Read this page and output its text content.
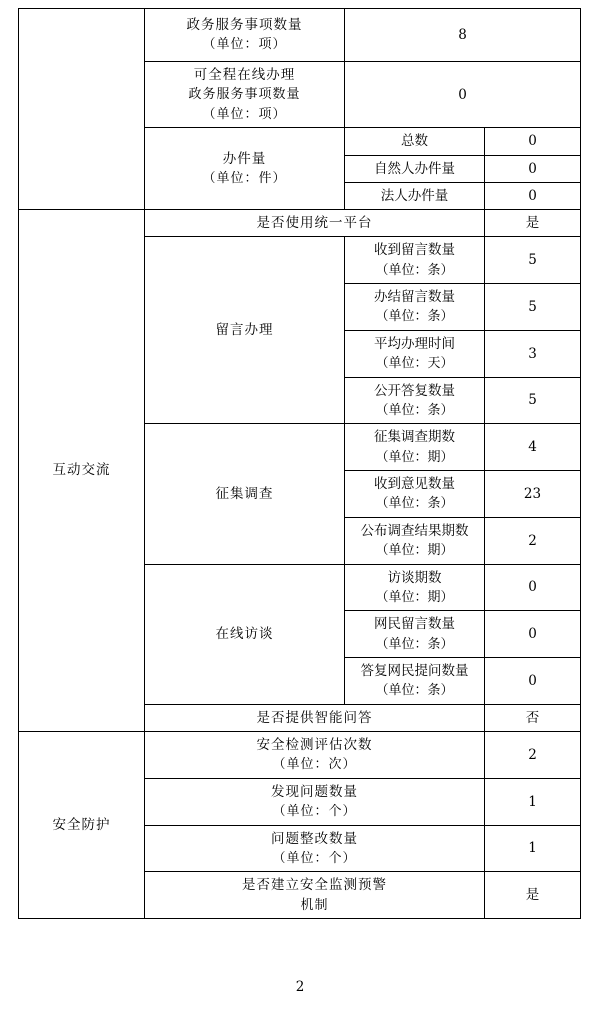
	政务服务事项数量
（单位：项）	8	
	可全程在线办理
政务服务事项数量
（单位：项）	0	
	办件量
（单位：件）	总数	0
		自然人办件量	0
		法人办件量	0
互动交流	是否使用统一平台		是
	留言办理	收到留言数量
（单位：条）	5
		办结留言数量
（单位：条）	5
		平均办理时间
（单位：天）	3
		公开答复数量
（单位：条）	5
	征集调查	征集调查期数
（单位：期）	4
		收到意见数量
（单位：条）	23
		公布调查结果期数
（单位：期）	2
	在线访谈	访谈期数
（单位：期）	0
		网民留言数量
（单位：条）	0
		答复网民提问数量
（单位：条）	0
	是否提供智能问答		否
安全防护	安全检测评估次数
（单位：次）		2
	发现问题数量
（单位：个）		1
	问题整改数量
（单位：个）		1
	是否建立安全监测预警
机制		是
2
